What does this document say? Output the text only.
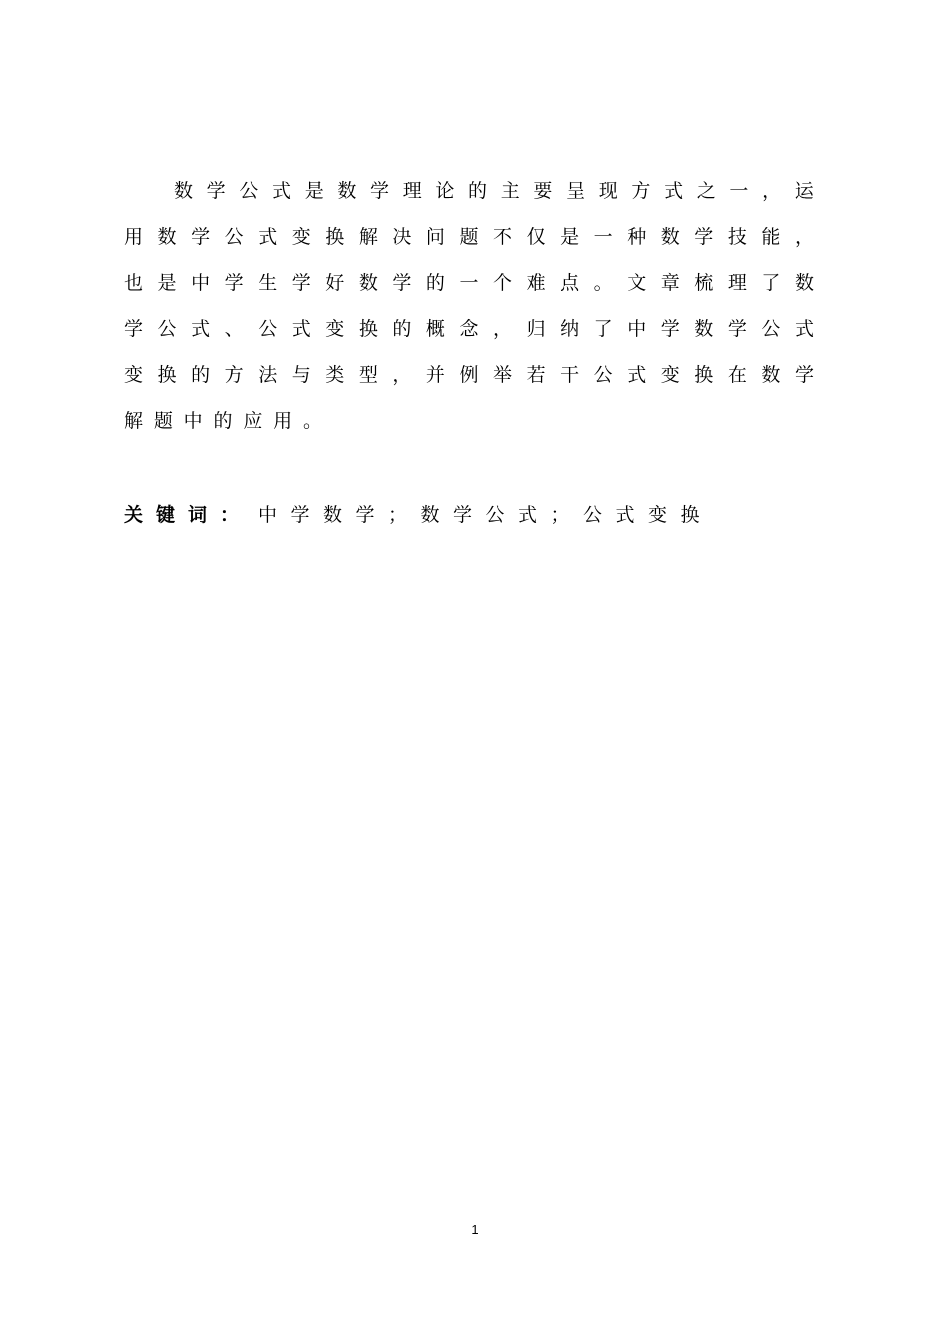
数 学 公 式 是 数 学 理 论 的 主 要 呈 现 方 式 之 一 ， 运
用 数 学 公 式 变 换 解 决 问 题 不 仅 是 一 种 数 学 技 能 ，
也 是 中 学 生 学 好 数 学 的 一 个 难 点 。 文 章 梳 理 了 数
学 公 式 、 公 式 变 换 的 概 念 ， 归 纳 了 中 学 数 学 公 式
变 换 的 方 法 与 类 型 ， 并 例 举 若 干 公 式 变 换 在 数 学
解 题 中 的 应 用 。
关键词： 中学数学；数学公式；公式变换
1
